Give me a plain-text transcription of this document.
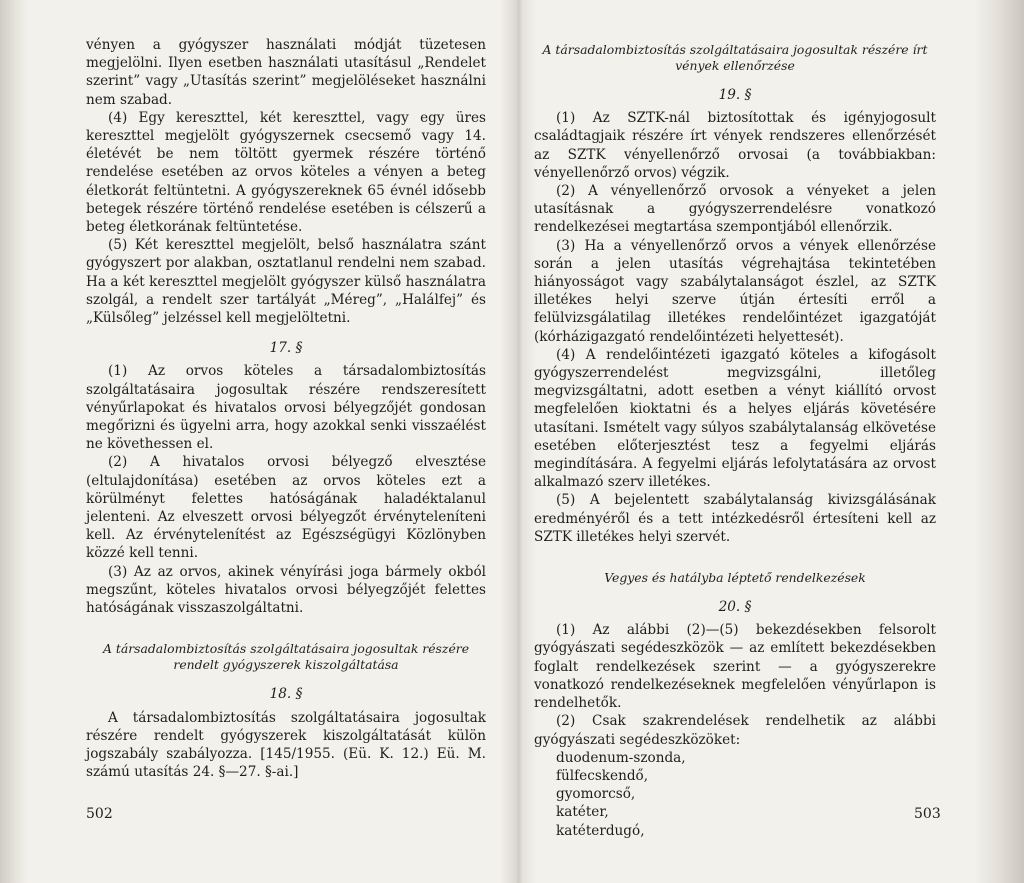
vényen a gyógyszer használati módját tüzetesen megjelölni. Ilyen esetben használati utasításul „Rendelet szerint” vagy „Utasítás szerint” megjelöléseket használni nem szabad.

(4) Egy kereszttel, két kereszttel, vagy egy üres kereszttel megjelölt gyógyszernek csecsemő vagy 14. életévét be nem töltött gyermek részére történő rendelése esetében az orvos köteles a vényen a beteg életkorát feltüntetni. A gyógyszereknek 65 évnél idősebb betegek részére történő rendelése esetében is célszerű a beteg életkorának feltüntetése.

(5) Két kereszttel megjelölt, belső használatra szánt gyógyszert por alakban, osztatlanul rendelni nem szabad. Ha a két kereszttel megjelölt gyógyszer külső használatra szolgál, a rendelt szer tartályát „Méreg”, „Halálfej” és „Külsőleg” jelzéssel kell megjelöltetni.

17. §

(1) Az orvos köteles a társadalombiztosítás szolgáltatásaira jogosultak részére rendszeresített vényűrlapokat és hivatalos orvosi bélyegzőjét gondosan megőrizni és ügyelni arra, hogy azokkal senki visszaélést ne követhessen el.

(2) A hivatalos orvosi bélyegző elvesztése (eltulajdonítása) esetében az orvos köteles ezt a körülményt felettes hatóságának haladéktalanul jelenteni. Az elveszett orvosi bélyegzőt érvényteleníteni kell. Az érvénytelenítést az Egészségügyi Közlönyben közzé kell tenni.

(3) Az az orvos, akinek vényírási joga bármely okból megszűnt, köteles hivatalos orvosi bélyegzőjét felettes hatóságának visszaszolgáltatni.

A társadalombiztosítás szolgáltatásaira jogosultak részére rendelt gyógyszerek kiszolgáltatása
18. §

A társadalombiztosítás szolgáltatásaira jogosultak részére rendelt gyógyszerek kiszolgáltatását külön jogszabály szabályozza. [145/1955. (Eü. K. 12.) Eü. M. számú utasítás 24. §—27. §-ai.]

502
A társadalombiztosítás szolgáltatásaira jogosultak részére írt vények ellenőrzése
19. §

(1) Az SZTK-nál biztosítottak és igényjogosult családtagjaik részére írt vények rendszeres ellenőrzését az SZTK vényellenőrző orvosai (a továbbiakban: vényellenőrző orvos) végzik.

(2) A vényellenőrző orvosok a vényeket a jelen utasításnak a gyógyszerrendelésre vonatkozó rendelkezései megtartása szempontjából ellenőrzik.

(3) Ha a vényellenőrző orvos a vények ellenőrzése során a jelen utasítás végrehajtása tekintetében hiányosságot vagy szabálytalanságot észlel, az SZTK illetékes helyi szerve útján értesíti erről a felülvizsgálatilag illetékes rendelőintézet igazgatóját (kórházigazgató rendelőintézeti helyettesét).

(4) A rendelőintézeti igazgató köteles a kifogásolt gyógyszerrendelést megvizsgálni, illetőleg megvizsgáltatni, adott esetben a vényt kiállító orvost megfelelően kioktatni és a helyes eljárás követésére utasítani. Ismételt vagy súlyos szabálytalanság elkövetése esetében előterjesztést tesz a fegyelmi eljárás megindítására. A fegyelmi eljárás lefolytatására az orvost alkalmazó szerv illetékes.

(5) A bejelentett szabálytalanság kivizsgálásának eredményéről és a tett intézkedésről értesíteni kell az SZTK illetékes helyi szervét.

Vegyes és hatályba léptető rendelkezések
20. §

(1) Az alábbi (2)—(5) bekezdésekben felsorolt gyógyászati segédeszközök — az említett bekezdésekben foglalt rendelkezések szerint — a gyógyszerekre vonatkozó rendelkezéseknek megfelelően vényűrlapon is rendelhetők.

(2) Csak szakrendelések rendelhetik az alábbi gyógyászati segédeszközöket:

duodenum-szonda,
fülfecskendő,
gyomorcső,
katéter,
katéterdugó,
503
